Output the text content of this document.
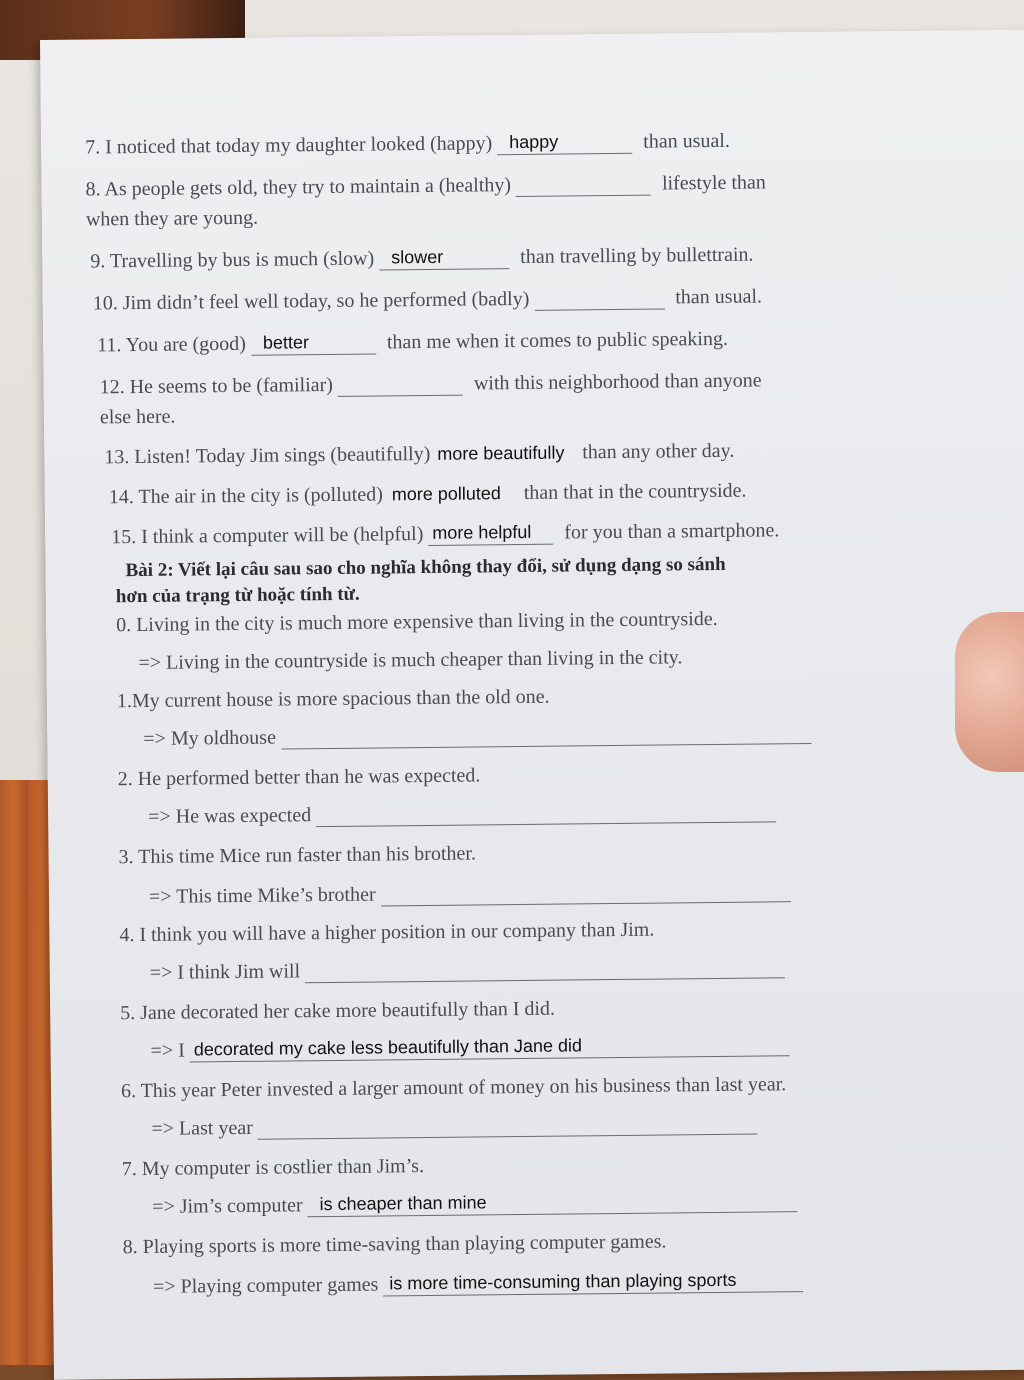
7. I noticed that today my daughter looked (happy) happy	than usual.
8. As people gets old, they try to maintain a (healthy)	lifestyle than
when they are young.
9. Travelling by bus is much (slow) slower	than travelling by bullettrain.
10. Jim didn’t feel well today, so he performed (badly)	than usual.
11. You are (good) better	than me when it comes to public speaking.
12. He seems to be (familiar)	with this neighborhood than anyone
else here.
13. Listen! Today Jim sings (beautifully) more beautifully than any other day.
14. The air in the city is (polluted) more polluted than that in the countryside.
15. I think a computer will be (helpful) more helpful for you than a smartphone.
Bài 2: Viết lại câu sau sao cho nghĩa không thay đổi, sử dụng dạng so sánh
hơn của trạng từ hoặc tính từ.
0. Living in the city is much more expensive than living in the countryside.
=> Living in the countryside is much cheaper than living in the city.
1.My current house is more spacious than the old one.
=> My oldhouse
2. He performed better than he was expected.
=> He was expected
3. This time Mice run faster than his brother.
=> This time Mike’s brother
4. I think you will have a higher position in our company than Jim.
=> I think Jim will
5. Jane decorated her cake more beautifully than I did.
=> I decorated my cake less beautifully than Jane did
6. This year Peter invested a larger amount of money on his business than last year.
=> Last year
7. My computer is costlier than Jim’s.
=> Jim’s computer is cheaper than mine
8. Playing sports is more time-saving than playing computer games.
=> Playing computer games is more time-consuming than playing sports
